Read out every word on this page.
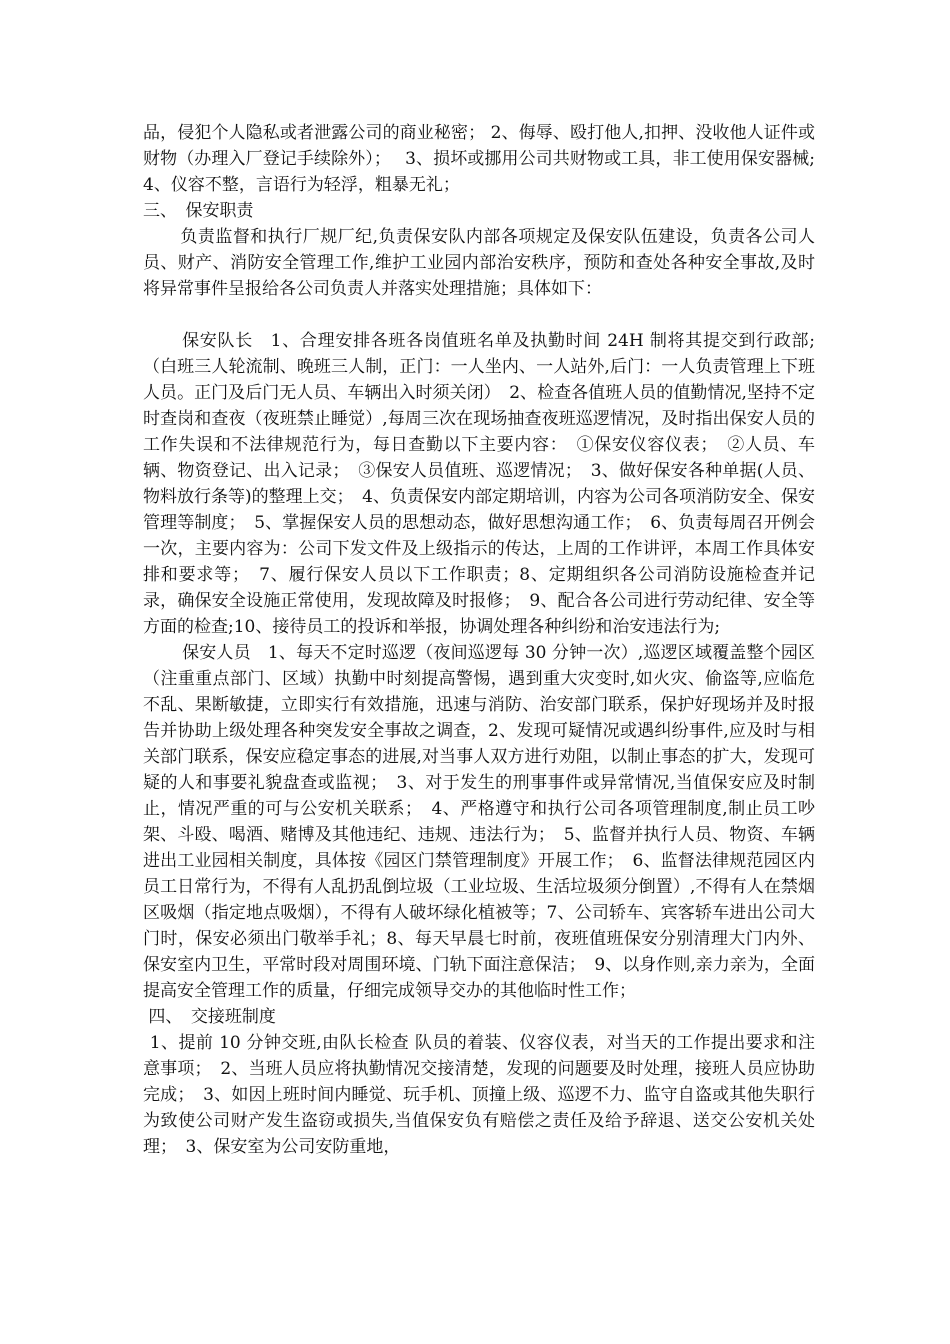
品，侵犯个人隐私或者泄露公司的商业秘密； 2、侮辱、殴打他人,扣押、没收他人证件或财物（办理入厂登记手续除外）；　 3、损坏或挪用公司共财物或工具，非工使用保安器械;4、仪容不整，言语行为轻浮，粗暴无礼；

三、　保安职责

负责监督和执行厂规厂纪,负责保安队内部各项规定及保安队伍建设，负责各公司人员、财产、消防安全管理工作,维护工业园内部治安秩序，预防和查处各种安全事故,及时将异常事件呈报给各公司负责人并落实处理措施；具体如下：

保安队长　1、合理安排各班各岗值班名单及执勤时间 24H 制将其提交到行政部;（白班三人轮流制、晚班三人制，正门：一人坐内、一人站外,后门：一人负责管理上下班人员。正门及后门无人员、车辆出入时须关闭）　2、检查各值班人员的值勤情况,坚持不定时查岗和查夜（夜班禁止睡觉）,每周三次在现场抽查夜班巡逻情况，及时指出保安人员的工作失误和不法律规范行为，每日查勤以下主要内容：　①保安仪容仪表；　②人员、车辆、物资登记、出入记录；　③保安人员值班、巡逻情况；　3、做好保安各种单据(人员、物料放行条等)的整理上交；　4、负责保安内部定期培训，内容为公司各项消防安全、保安管理等制度；　5、掌握保安人员的思想动态，做好思想沟通工作；　6、负责每周召开例会一次，主要内容为：公司下发文件及上级指示的传达，上周的工作讲评，本周工作具体安排和要求等；　7、履行保安人员以下工作职责；8、定期组织各公司消防设施检查并记录，确保安全设施正常使用，发现故障及时报修；　9、配合各公司进行劳动纪律、安全等方面的检查;10、接待员工的投诉和举报，协调处理各种纠纷和治安违法行为;

保安人员　1、每天不定时巡逻（夜间巡逻每 30 分钟一次）,巡逻区域覆盖整个园区（注重重点部门、区域）执勤中时刻提高警惕，遇到重大灾变时,如火灾、偷盗等,应临危不乱、果断敏捷，立即实行有效措施，迅速与消防、治安部门联系，保护好现场并及时报告并协助上级处理各种突发安全事故之调查，2、发现可疑情况或遇纠纷事件,应及时与相关部门联系，保安应稳定事态的进展,对当事人双方进行劝阻，以制止事态的扩大，发现可疑的人和事要礼貌盘查或监视；　3、对于发生的刑事事件或异常情况,当值保安应及时制止，情况严重的可与公安机关联系；　4、严格遵守和执行公司各项管理制度,制止员工吵架、斗殴、喝酒、赌博及其他违纪、违规、违法行为；　5、监督并执行人员、物资、车辆进出工业园相关制度，具体按《园区门禁管理制度》开展工作；　6、监督法律规范园区内员工日常行为，不得有人乱扔乱倒垃圾（工业垃圾、生活垃圾须分倒置）,不得有人在禁烟区吸烟（指定地点吸烟），不得有人破坏绿化植被等；7、公司轿车、宾客轿车进出公司大门时，保安必须出门敬举手礼；8、每天早晨七时前，夜班值班保安分别清理大门内外、保安室内卫生，平常时段对周围环境、门轨下面注意保洁；　9、以身作则,亲力亲为，全面提高安全管理工作的质量，仔细完成领导交办的其他临时性工作；

四、　交接班制度

1、提前 10 分钟交班,由队长检查 队员的着装、仪容仪表，对当天的工作提出要求和注意事项；　2、当班人员应将执勤情况交接清楚，发现的问题要及时处理，接班人员应协助完成；　3、如因上班时间内睡觉、玩手机、顶撞上级、巡逻不力、监守自盗或其他失职行为致使公司财产发生盗窃或损失,当值保安负有赔偿之责任及给予辞退、送交公安机关处理；　3、保安室为公司安防重地，
